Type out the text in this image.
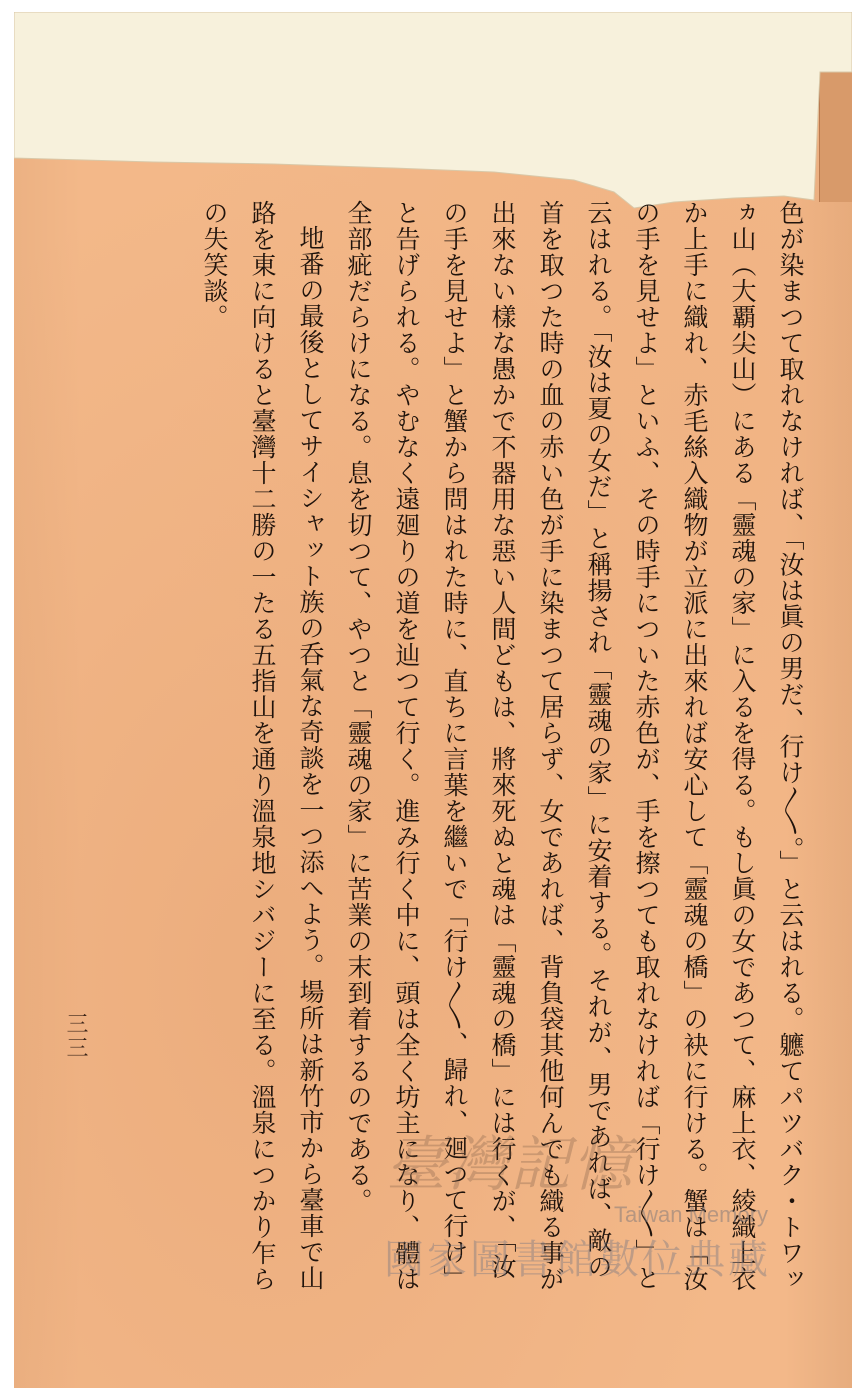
色が染まつて取れなければ、「汝は眞の男だ、行け〳〵。」と云はれる。軈てパツバク・トワッヵ山（大覇尖山）にある「靈魂の家」に入るを得る。もし眞の女であつて、麻上衣、綾織上衣か上手に織れ、赤毛絲入織物が立派に出來れば安心して「靈魂の橋」の袂に行ける。蟹は「汝の手を見せよ」といふ、その時手についた赤色が、手を擦つても取れなければ「行け〳〵」と云はれる。「汝は夏の女だ」と稱揚され「靈魂の家」に安着する。それが、男であれば、敵の首を取つた時の血の赤い色が手に染まつて居らず、女であれば、背負袋其他何んでも織る事が出來ない樣な愚かで不器用な惡い人間どもは、將來死ぬと魂は「靈魂の橋」には行くが、「汝の手を見せよ」と蟹から問はれた時に、直ちに言葉を繼いで「行け〳〵、歸れ、廻つて行け」と告げられる。やむなく遠廻りの道を辿つて行く。進み行く中に、頭は全く坊主になり、體は全部疵だらけになる。息を切つて、やつと「靈魂の家」に苦業の末到着するのである。

地番の最後としてサイシャット族の呑氣な奇談を一つ添へよう。場所は新竹市から臺車で山路を東に向けると臺灣十二勝の一たる五指山を通り溫泉地シバジーに至る。溫泉につかり乍らの失笑談。

三三
臺灣記憶
Taiwan Memory
國家圖書館數位典藏
